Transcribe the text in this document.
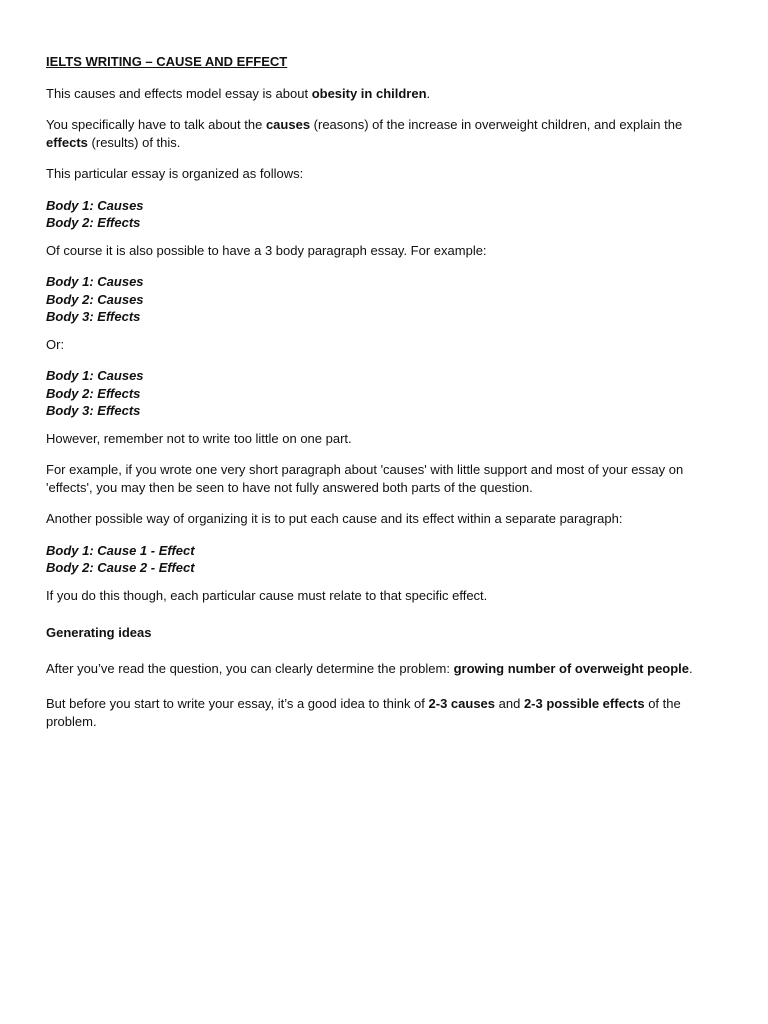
IELTS WRITING – CAUSE AND EFFECT

This causes and effects model essay is about obesity in children.

You specifically have to talk about the causes (reasons) of the increase in overweight children, and explain the effects (results) of this.

This particular essay is organized as follows:

Body 1: Causes
Body 2: Effects

Of course it is also possible to have a 3 body paragraph essay. For example:

Body 1: Causes
Body 2: Causes
Body 3: Effects

Or:

Body 1: Causes
Body 2: Effects
Body 3: Effects

However, remember not to write too little on one part.

For example, if you wrote one very short paragraph about 'causes' with little support and most of your essay on 'effects', you may then be seen to have not fully answered both parts of the question.

Another possible way of organizing it is to put each cause and its effect within a separate paragraph:

Body 1: Cause 1 - Effect
Body 2: Cause 2 - Effect

If you do this though, each particular cause must relate to that specific effect.

Generating ideas

After you’ve read the question, you can clearly determine the problem: growing number of overweight people.

But before you start to write your essay, it’s a good idea to think of 2-3 causes and 2-3 possible effects of the problem.
